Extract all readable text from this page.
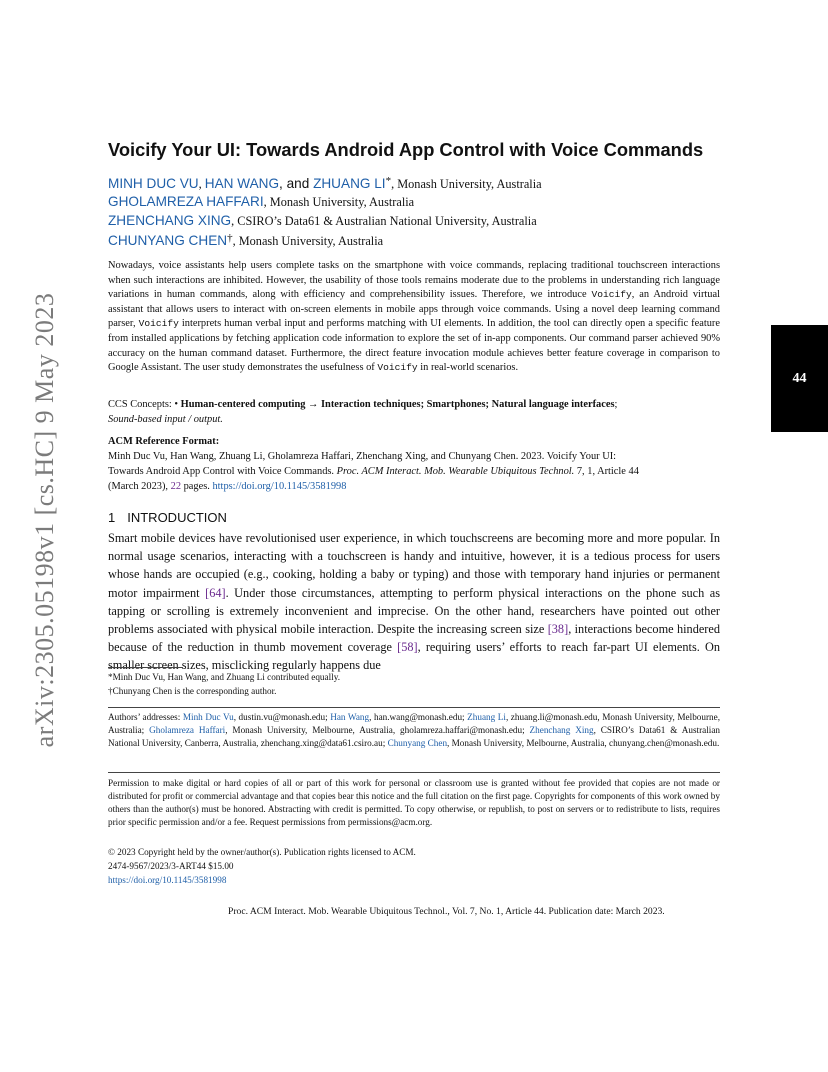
arXiv:2305.05198v1 [cs.HC] 9 May 2023	44
Voicify Your UI: Towards Android App Control with Voice Commands
MINH DUC VU, HAN WANG, and ZHUANG LI*, Monash University, Australia
GHOLAMREZA HAFFARI, Monash University, Australia
ZHENCHANG XING, CSIRO’s Data61 & Australian National University, Australia
CHUNYANG CHEN†, Monash University, Australia
Nowadays, voice assistants help users complete tasks on the smartphone with voice commands, replacing traditional touchscreen interactions when such interactions are inhibited. However, the usability of those tools remains moderate due to the problems in understanding rich language variations in human commands, along with efficiency and comprehensibility issues. Therefore, we introduce Voicify, an Android virtual assistant that allows users to interact with on-screen elements in mobile apps through voice commands. Using a novel deep learning command parser, Voicify interprets human verbal input and performs matching with UI elements. In addition, the tool can directly open a specific feature from installed applications by fetching application code information to explore the set of in-app components. Our command parser achieved 90% accuracy on the human command dataset. Furthermore, the direct feature invocation module achieves better feature coverage in comparison to Google Assistant. The user study demonstrates the usefulness of Voicify in real-world scenarios.
CCS Concepts: • Human-centered computing → Interaction techniques; Smartphones; Natural language interfaces;
Sound-based input / output.
ACM Reference Format:
Minh Duc Vu, Han Wang, Zhuang Li, Gholamreza Haffari, Zhenchang Xing, and Chunyang Chen. 2023. Voicify Your UI:
Towards Android App Control with Voice Commands. Proc. ACM Interact. Mob. Wearable Ubiquitous Technol. 7, 1, Article 44
(March 2023), 22 pages. https://doi.org/10.1145/3581998
1 INTRODUCTION
Smart mobile devices have revolutionised user experience, in which touchscreens are becoming more and more popular. In normal usage scenarios, interacting with a touchscreen is handy and intuitive, however, it is a tedious process for users whose hands are occupied (e.g., cooking, holding a baby or typing) and those with temporary hand injuries or permanent motor impairment [64]. Under those circumstances, attempting to perform physical interactions on the phone such as tapping or scrolling is extremely inconvenient and imprecise. On the other hand, researchers have pointed out other problems associated with physical mobile interaction. Despite the increasing screen size [38], interactions become hindered because of the reduction in thumb movement coverage [58], requiring users’ efforts to reach far-part UI elements. On smaller screen sizes, misclicking regularly happens due
*Minh Duc Vu, Han Wang, and Zhuang Li contributed equally.
†Chunyang Chen is the corresponding author.
Authors’ addresses: Minh Duc Vu, dustin.vu@monash.edu; Han Wang, han.wang@monash.edu; Zhuang Li, zhuang.li@monash.edu, Monash University, Melbourne, Australia; Gholamreza Haffari, Monash University, Melbourne, Australia, gholamreza.haffari@monash.edu; Zhenchang Xing, CSIRO’s Data61 & Australian National University, Canberra, Australia, zhenchang.xing@data61.csiro.au; Chunyang Chen, Monash University, Melbourne, Australia, chunyang.chen@monash.edu.
Permission to make digital or hard copies of all or part of this work for personal or classroom use is granted without fee provided that copies are not made or distributed for profit or commercial advantage and that copies bear this notice and the full citation on the first page. Copyrights for components of this work owned by others than the author(s) must be honored. Abstracting with credit is permitted. To copy otherwise, or republish, to post on servers or to redistribute to lists, requires prior specific permission and/or a fee. Request permissions from permissions@acm.org.
© 2023 Copyright held by the owner/author(s). Publication rights licensed to ACM.
2474-9567/2023/3-ART44 $15.00
https://doi.org/10.1145/3581998
Proc. ACM Interact. Mob. Wearable Ubiquitous Technol., Vol. 7, No. 1, Article 44. Publication date: March 2023.
